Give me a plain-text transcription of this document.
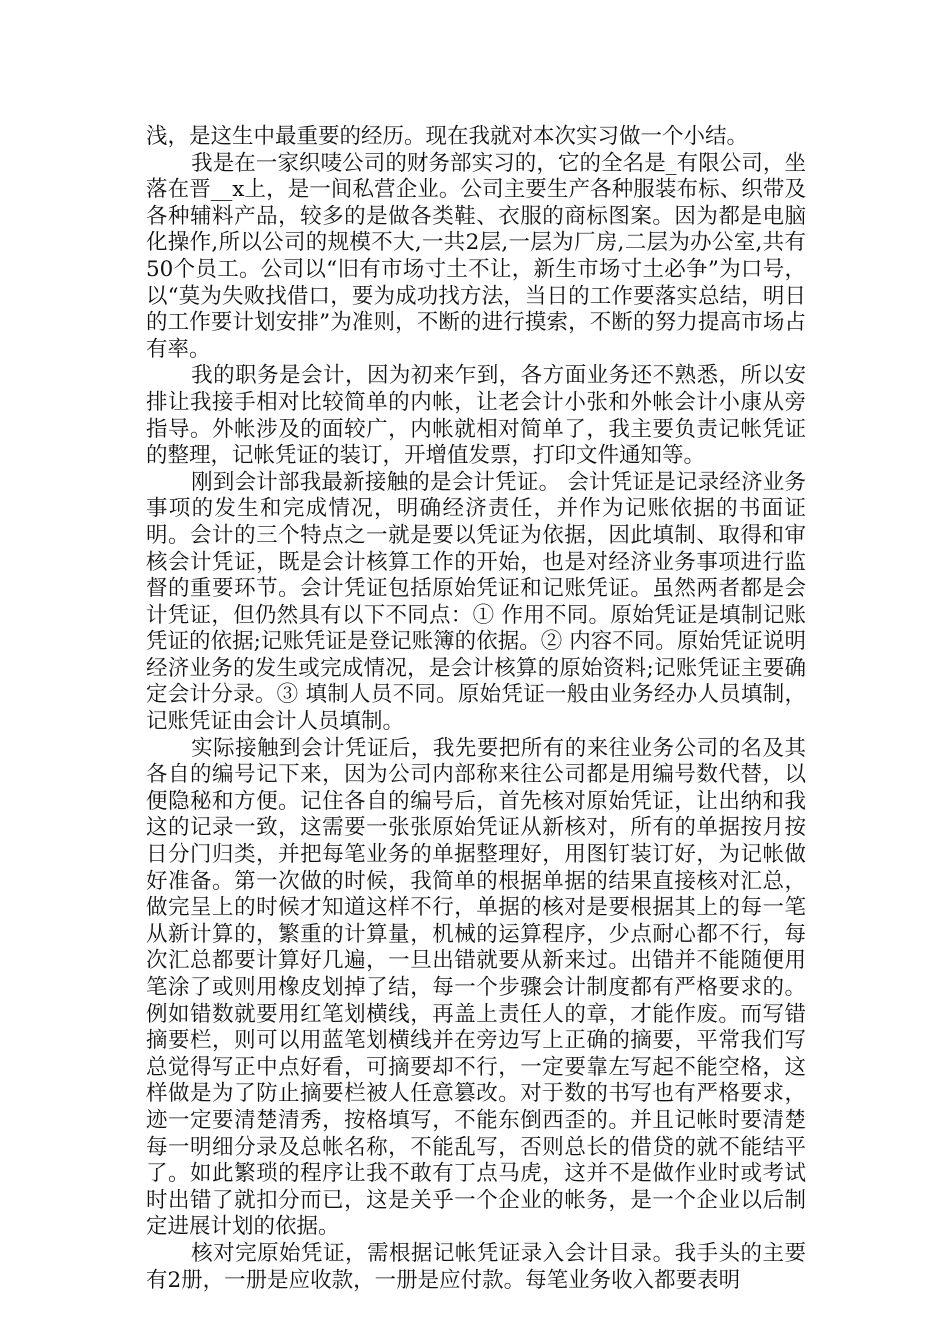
浅，是这生中最重要的经历。现在我就对本次实习做一个小结。

我是在一家织唛公司的财务部实习的，它的全名是_有限公司，坐落在晋__x上，是一间私营企业。公司主要生产各种服装布标、织带及各种辅料产品，较多的是做各类鞋、衣服的商标图案。因为都是电脑化操作,所以公司的规模不大,一共2层,一层为厂房,二层为办公室,共有50个员工。公司以“旧有市场寸土不让，新生市场寸土必争”为口号，以“莫为失败找借口，要为成功找方法，当日的工作要落实总结，明日的工作要计划安排”为准则，不断的进行摸索，不断的努力提高市场占有率。

我的职务是会计，因为初来乍到，各方面业务还不熟悉，所以安排让我接手相对比较简单的内帐，让老会计小张和外帐会计小康从旁指导。外帐涉及的面较广，内帐就相对简单了，我主要负责记帐凭证的整理，记帐凭证的装订，开增值发票，打印文件通知等。

刚到会计部我最新接触的是会计凭证。 会计凭证是记录经济业务事项的发生和完成情况，明确经济责任，并作为记账依据的书面证明。会计的三个特点之一就是要以凭证为依据，因此填制、取得和审核会计凭证，既是会计核算工作的开始，也是对经济业务事项进行监督的重要环节。会计凭证包括原始凭证和记账凭证。虽然两者都是会计凭证，但仍然具有以下不同点：① 作用不同。原始凭证是填制记账凭证的依据;记账凭证是登记账簿的依据。② 内容不同。原始凭证说明经济业务的发生或完成情况，是会计核算的原始资料;记账凭证主要确定会计分录。③ 填制人员不同。原始凭证一般由业务经办人员填制，记账凭证由会计人员填制。

实际接触到会计凭证后，我先要把所有的来往业务公司的名及其各自的编号记下来，因为公司内部称来往公司都是用编号数代替，以便隐秘和方便。记住各自的编号后，首先核对原始凭证，让出纳和我这的记录一致，这需要一张张原始凭证从新核对，所有的单据按月按日分门归类，并把每笔业务的单据整理好，用图钉装订好，为记帐做好准备。第一次做的时候，我简单的根据单据的结果直接核对汇总，做完呈上的时候才知道这样不行，单据的核对是要根据其上的每一笔从新计算的，繁重的计算量，机械的运算程序，少点耐心都不行，每次汇总都要计算好几遍，一旦出错就要从新来过。出错并不能随便用笔涂了或则用橡皮划掉了结，每一个步骤会计制度都有严格要求的。例如错数就要用红笔划横线，再盖上责任人的章，才能作废。而写错摘要栏，则可以用蓝笔划横线并在旁边写上正确的摘要，平常我们写总觉得写正中点好看，可摘要却不行，一定要靠左写起不能空格，这样做是为了防止摘要栏被人任意篡改。对于数的书写也有严格要求，迹一定要清楚清秀，按格填写，不能东倒西歪的。并且记帐时要清楚每一明细分录及总帐名称，不能乱写，否则总长的借贷的就不能结平了。如此繁琐的程序让我不敢有丁点马虎，这并不是做作业时或考试时出错了就扣分而已，这是关乎一个企业的帐务，是一个企业以后制定进展计划的依据。

核对完原始凭证，需根据记帐凭证录入会计目录。我手头的主要有2册，一册是应收款，一册是应付款。每笔业务收入都要表明
